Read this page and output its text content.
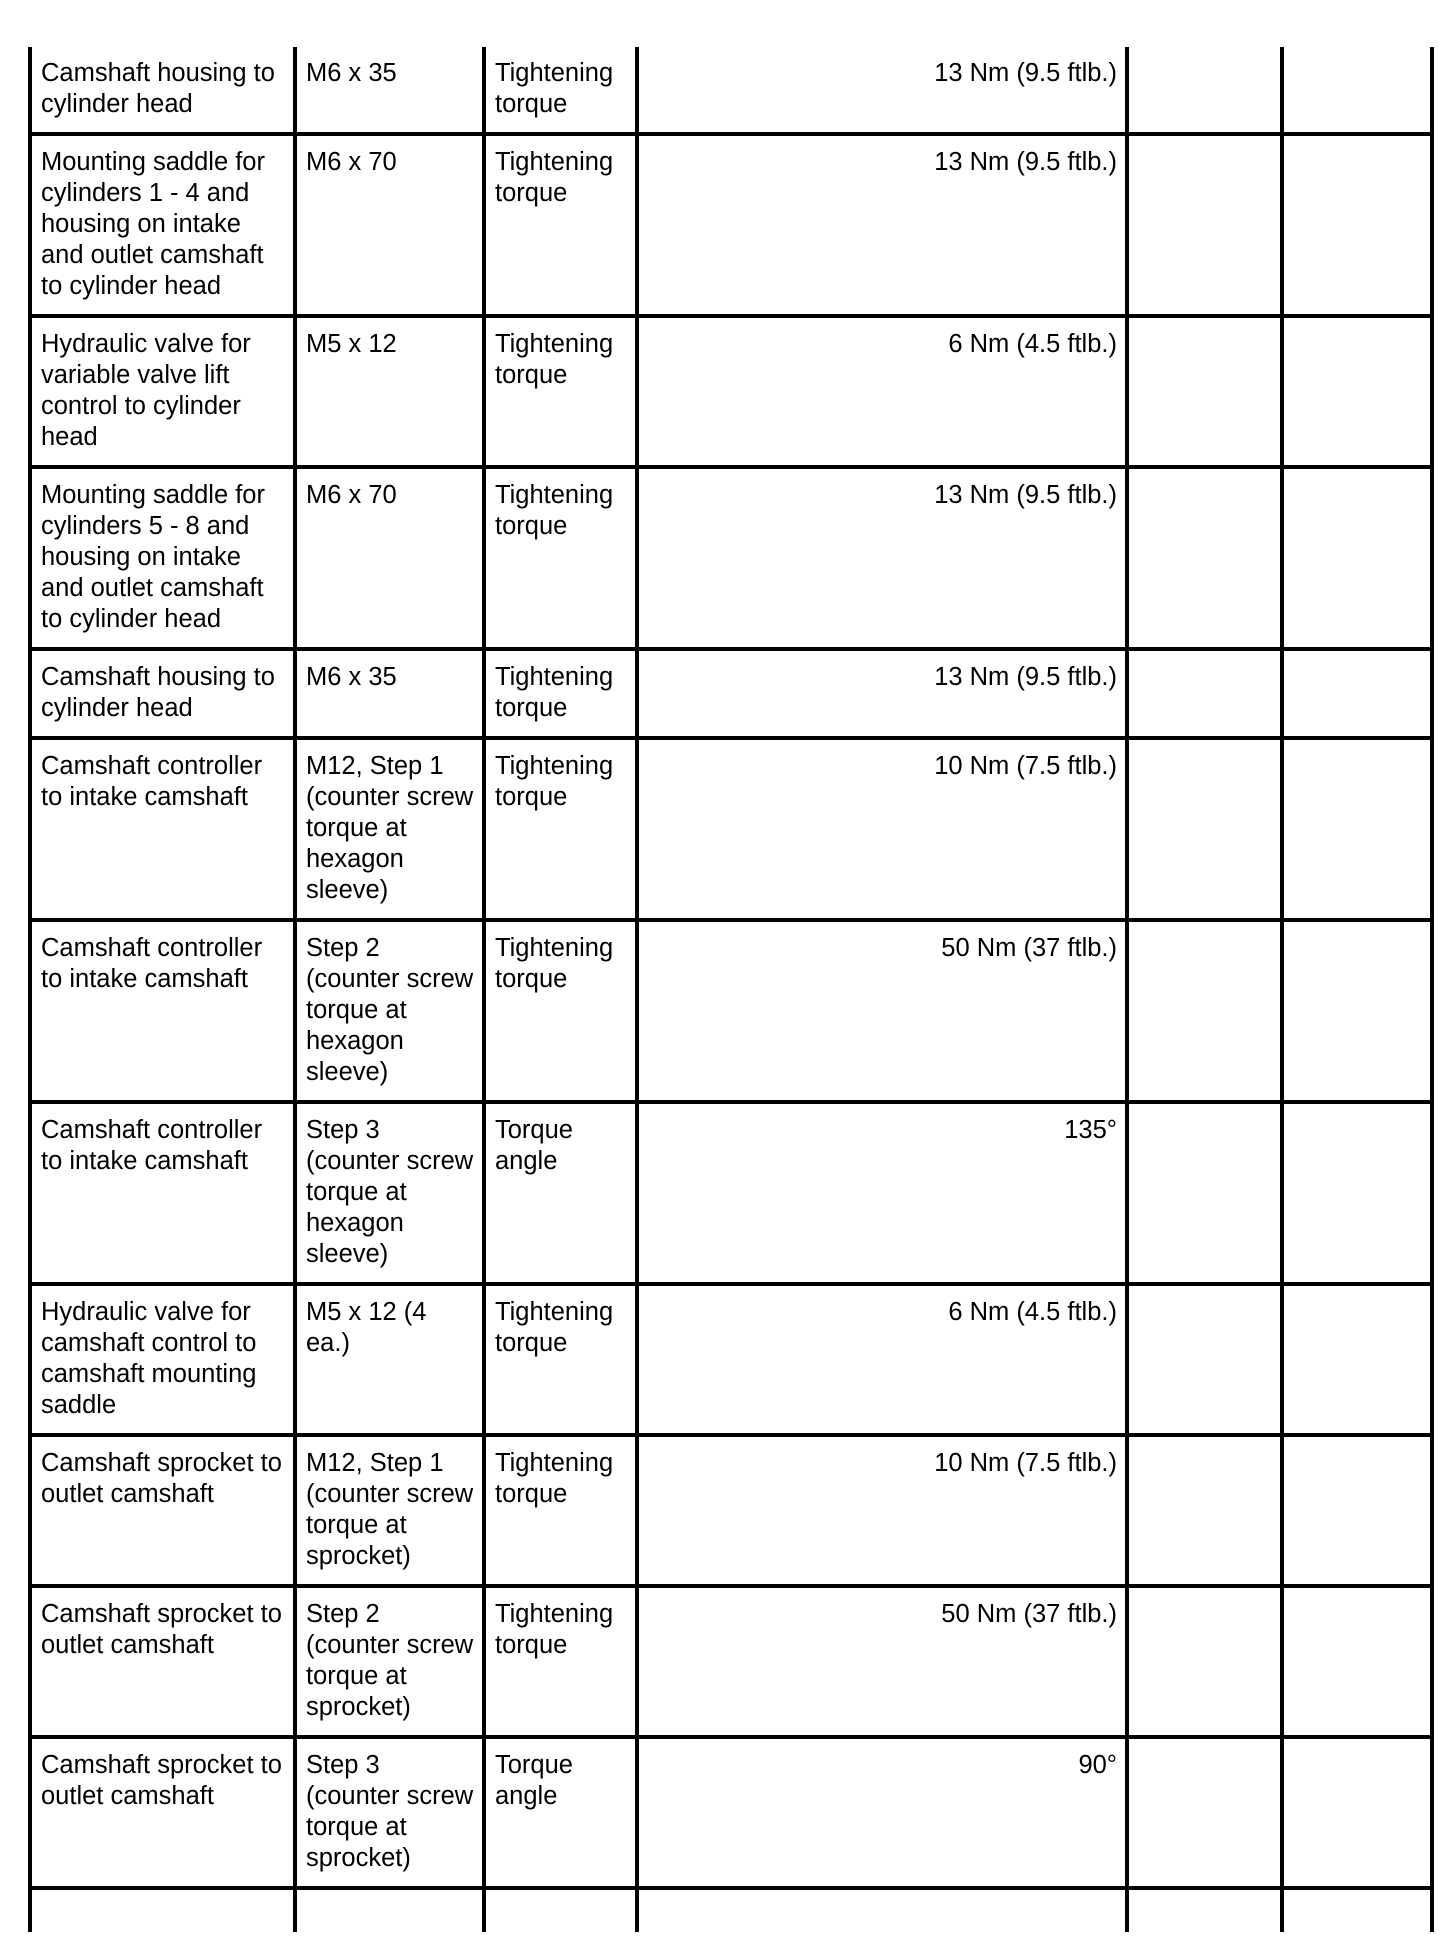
Camshaft housing to cylinder head	M6 x 35	Tightening torque	13 Nm (9.5 ftlb.)		
Mounting saddle for cylinders 1 - 4 and housing on intake and outlet camshaft to cylinder head	M6 x 70	Tightening torque	13 Nm (9.5 ftlb.)		
Hydraulic valve for variable valve lift control to cylinder head	M5 x 12	Tightening torque	6 Nm (4.5 ftlb.)		
Mounting saddle for cylinders 5 - 8 and housing on intake and outlet camshaft to cylinder head	M6 x 70	Tightening torque	13 Nm (9.5 ftlb.)		
Camshaft housing to cylinder head	M6 x 35	Tightening torque	13 Nm (9.5 ftlb.)		
Camshaft controller to intake camshaft	M12, Step 1 (counter screw torque at hexagon sleeve)	Tightening torque	10 Nm (7.5 ftlb.)		
Camshaft controller to intake camshaft	Step 2 (counter screw torque at hexagon sleeve)	Tightening torque	50 Nm (37 ftlb.)		
Camshaft controller to intake camshaft	Step 3 (counter screw torque at hexagon sleeve)	Torque angle	135°		
Hydraulic valve for camshaft control to camshaft mounting saddle	M5 x 12 (4 ea.)	Tightening torque	6 Nm (4.5 ftlb.)		
Camshaft sprocket to outlet camshaft	M12, Step 1 (counter screw torque at sprocket)	Tightening torque	10 Nm (7.5 ftlb.)		
Camshaft sprocket to outlet camshaft	Step 2 (counter screw torque at sprocket)	Tightening torque	50 Nm (37 ftlb.)		
Camshaft sprocket to outlet camshaft	Step 3 (counter screw torque at sprocket)	Torque angle	90°		
